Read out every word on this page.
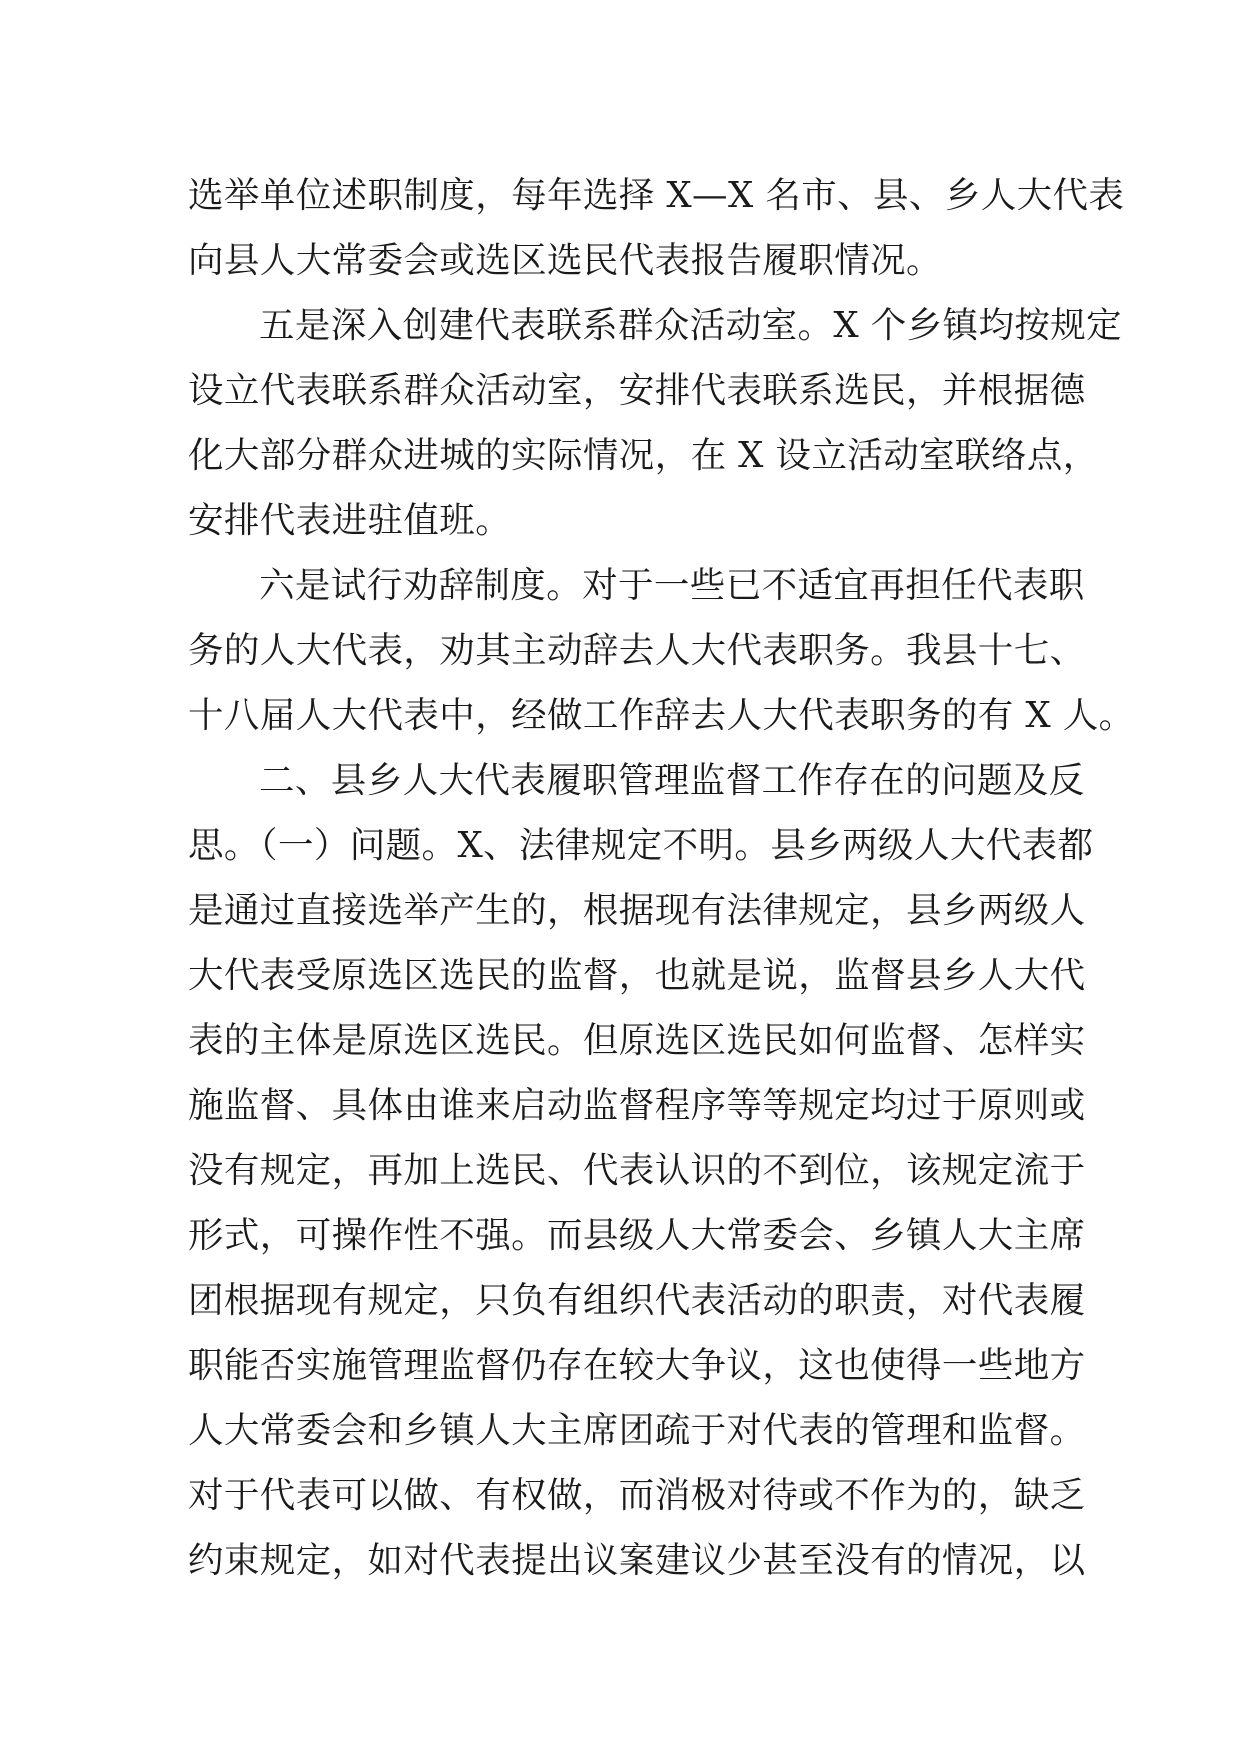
选举单位述职制度，每年选择 X—X 名市、县、乡人大代表
向县人大常委会或选区选民代表报告履职情况。
五是深入创建代表联系群众活动室。X 个乡镇均按规定
设立代表联系群众活动室，安排代表联系选民，并根据德
化大部分群众进城的实际情况，在 X 设立活动室联络点，
安排代表进驻值班。
六是试行劝辞制度。对于一些已不适宜再担任代表职
务的人大代表，劝其主动辞去人大代表职务。我县十七、
十八届人大代表中，经做工作辞去人大代表职务的有 X 人。
二、县乡人大代表履职管理监督工作存在的问题及反
思。（一）问题。X、法律规定不明。县乡两级人大代表都
是通过直接选举产生的，根据现有法律规定，县乡两级人
大代表受原选区选民的监督，也就是说，监督县乡人大代
表的主体是原选区选民。但原选区选民如何监督、怎样实
施监督、具体由谁来启动监督程序等等规定均过于原则或
没有规定，再加上选民、代表认识的不到位，该规定流于
形式，可操作性不强。而县级人大常委会、乡镇人大主席
团根据现有规定，只负有组织代表活动的职责，对代表履
职能否实施管理监督仍存在较大争议，这也使得一些地方
人大常委会和乡镇人大主席团疏于对代表的管理和监督。
对于代表可以做、有权做，而消极对待或不作为的，缺乏
约束规定，如对代表提出议案建议少甚至没有的情况，以
